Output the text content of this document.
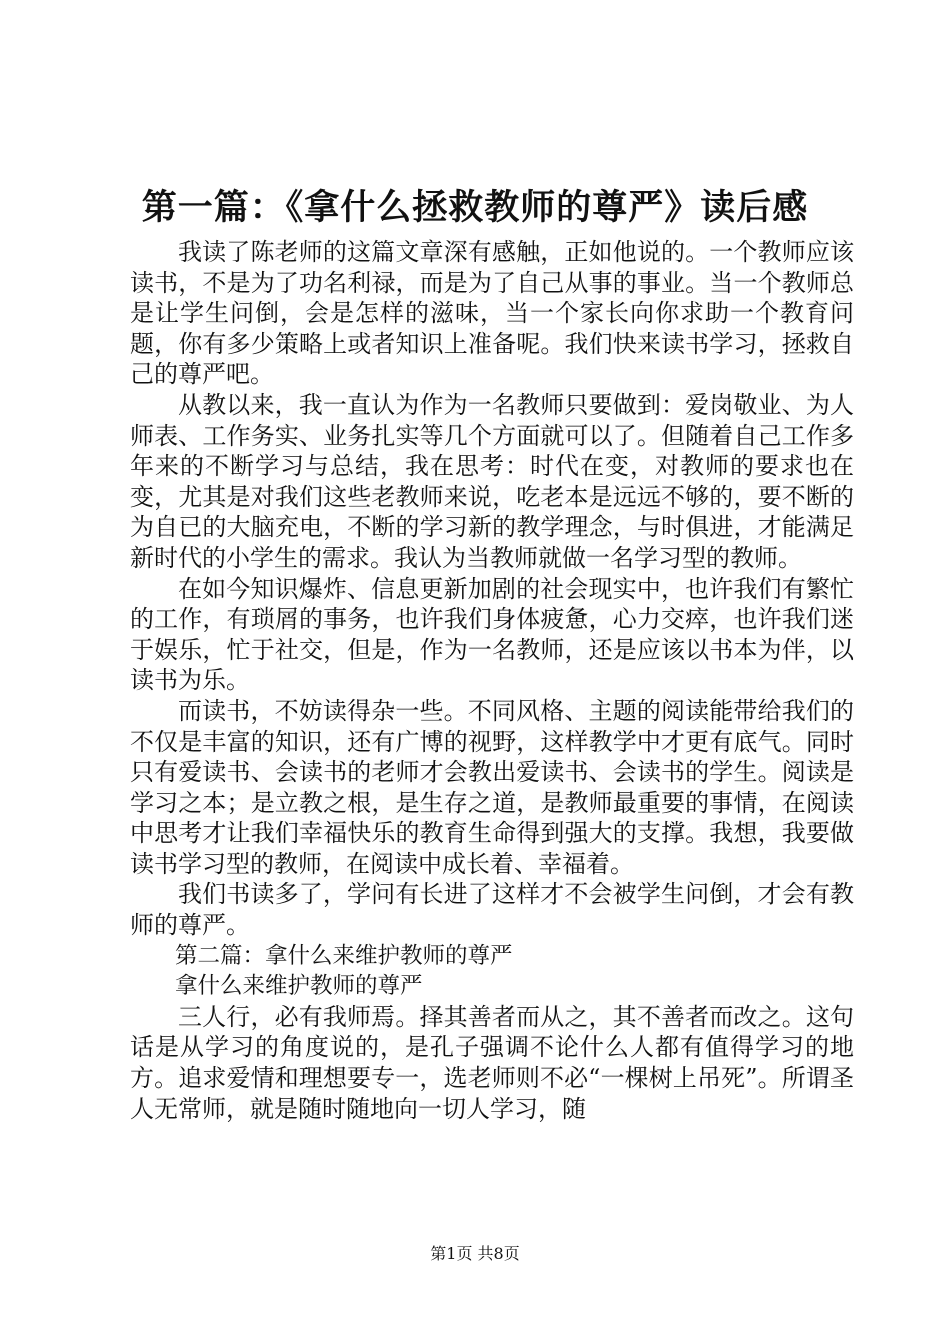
第一篇：《拿什么拯救教师的尊严》读后感

我读了陈老师的这篇文章深有感触，正如他说的。一个教师应该读书，不是为了功名利禄，而是为了自己从事的事业。当一个教师总是让学生问倒，会是怎样的滋味，当一个家长向你求助一个教育问题，你有多少策略上或者知识上准备呢。我们快来读书学习，拯救自己的尊严吧。

从教以来，我一直认为作为一名教师只要做到：爱岗敬业、为人师表、工作务实、业务扎实等几个方面就可以了。但随着自己工作多年来的不断学习与总结，我在思考：时代在变，对教师的要求也在变，尤其是对我们这些老教师来说，吃老本是远远不够的，要不断的为自已的大脑充电，不断的学习新的教学理念，与时俱进，才能满足新时代的小学生的需求。我认为当教师就做一名学习型的教师。

在如今知识爆炸、信息更新加剧的社会现实中，也许我们有繁忙的工作，有琐屑的事务，也许我们身体疲惫，心力交瘁，也许我们迷于娱乐，忙于社交，但是，作为一名教师，还是应该以书本为伴，以读书为乐。

而读书，不妨读得杂一些。不同风格、主题的阅读能带给我们的不仅是丰富的知识，还有广博的视野，这样教学中才更有底气。同时只有爱读书、会读书的老师才会教出爱读书、会读书的学生。阅读是学习之本；是立教之根，是生存之道，是教师最重要的事情，在阅读中思考才让我们幸福快乐的教育生命得到强大的支撑。我想，我要做读书学习型的教师，在阅读中成长着、幸福着。

我们书读多了，学问有长进了这样才不会被学生问倒，才会有教师的尊严。

第二篇：拿什么来维护教师的尊严

拿什么来维护教师的尊严

三人行，必有我师焉。择其善者而从之，其不善者而改之。这句话是从学习的角度说的，是孔子强调不论什么人都有值得学习的地方。追求爱情和理想要专一，选老师则不必“一棵树上吊死”。所谓圣人无常师，就是随时随地向一切人学习，随

第1页 共8页
